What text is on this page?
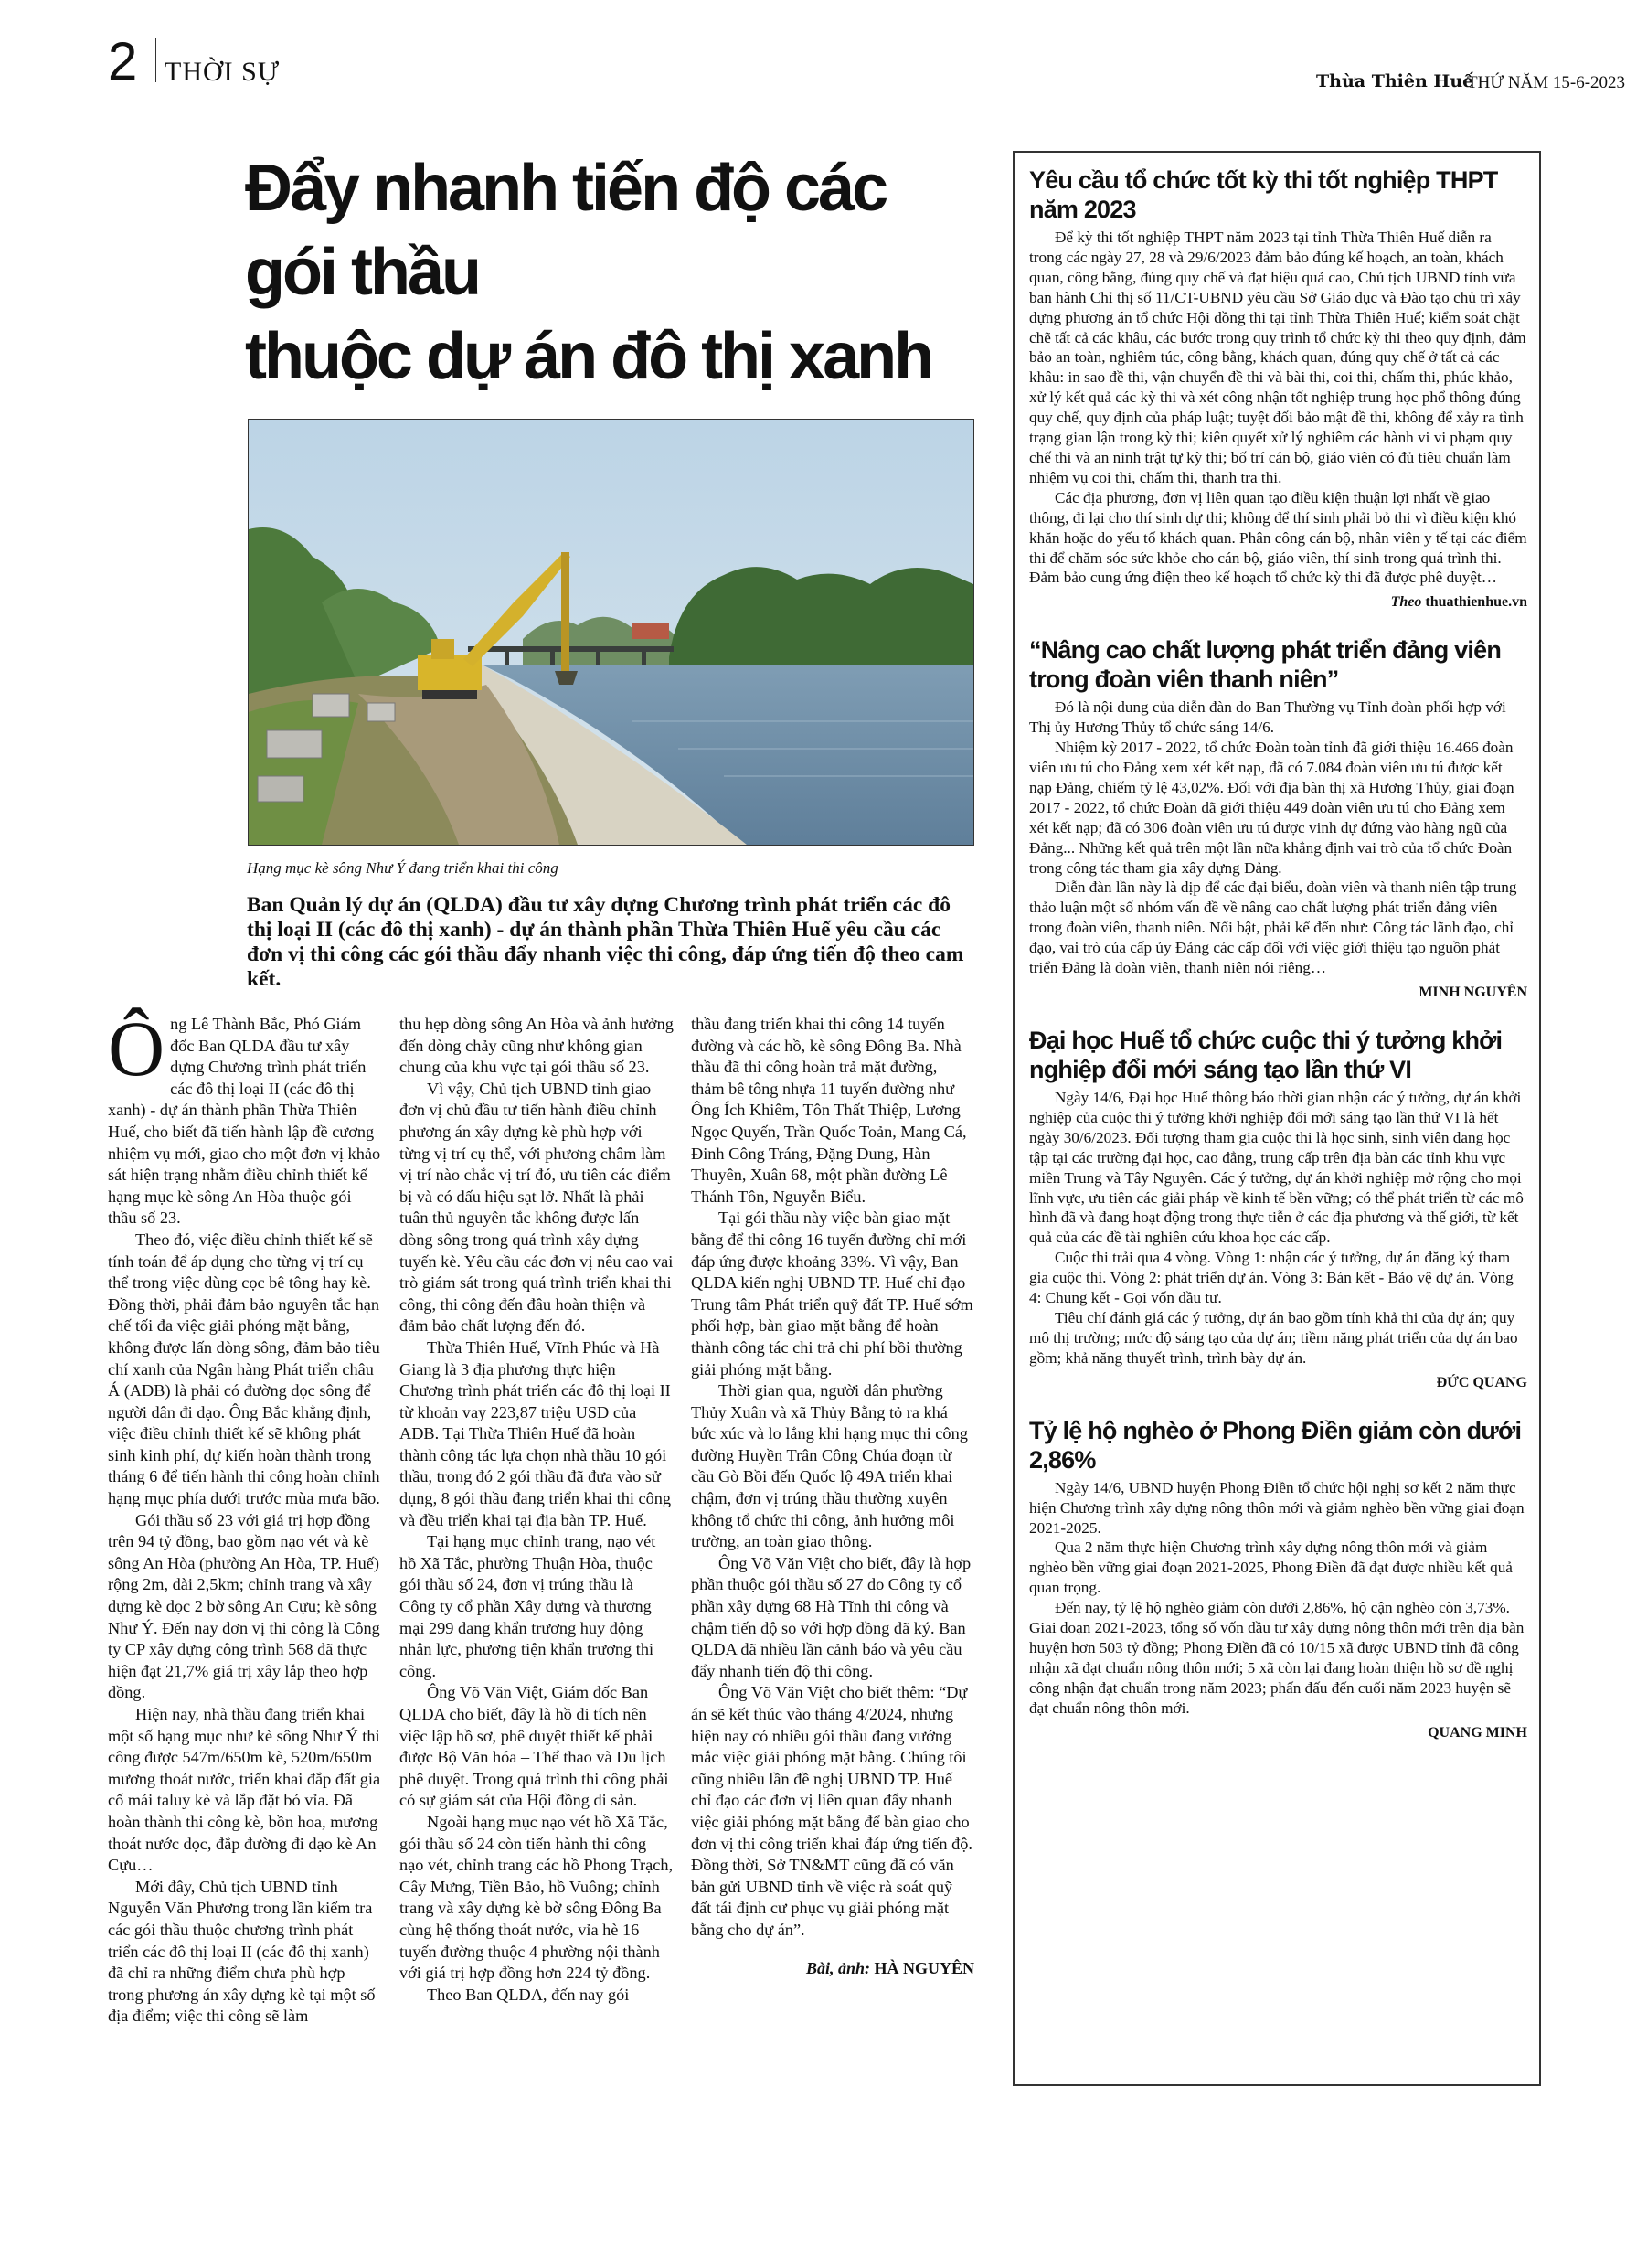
2 THỜI SỰ	Thừa Thiên Huế
THỨ NĂM 15-6-2023
Đẩy nhanh tiến độ các gói thầu
thuộc dự án đô thị xanh
Hạng mục kè sông Như Ý đang triển khai thi công
Ban Quản lý dự án (QLDA) đầu tư xây dựng Chương trình phát triển các đô thị loại II (các đô thị xanh) - dự án thành phần Thừa Thiên Huế yêu cầu các đơn vị thi công các gói thầu đẩy nhanh việc thi công, đáp ứng tiến độ theo cam kết.

Ông Lê Thành Bắc, Phó Giám đốc Ban QLDA đầu tư xây dựng Chương trình phát triển các đô thị loại II (các đô thị xanh) - dự án thành phần Thừa Thiên Huế, cho biết đã tiến hành lập đề cương nhiệm vụ mới, giao cho một đơn vị khảo sát hiện trạng nhằm điều chỉnh thiết kế hạng mục kè sông An Hòa thuộc gói thầu số 23.

Theo đó, việc điều chỉnh thiết kế sẽ tính toán để áp dụng cho từng vị trí cụ thể trong việc dùng cọc bê tông hay kè. Đồng thời, phải đảm bảo nguyên tắc hạn chế tối đa việc giải phóng mặt bằng, không được lấn dòng sông, đảm bảo tiêu chí xanh của Ngân hàng Phát triển châu Á (ADB) là phải có đường dọc sông để người dân đi dạo. Ông Bắc khẳng định, việc điều chỉnh thiết kế sẽ không phát sinh kinh phí, dự kiến hoàn thành trong tháng 6 để tiến hành thi công hoàn chỉnh hạng mục phía dưới trước mùa mưa bão.

Gói thầu số 23 với giá trị hợp đồng trên 94 tỷ đồng, bao gồm nạo vét và kè sông An Hòa (phường An Hòa, TP. Huế) rộng 2m, dài 2,5km; chỉnh trang và xây dựng kè dọc 2 bờ sông An Cựu; kè sông Như Ý. Đến nay đơn vị thi công là Công ty CP xây dựng công trình 568 đã thực hiện đạt 21,7% giá trị xây lắp theo hợp đồng.

Hiện nay, nhà thầu đang triển khai một số hạng mục như kè sông Như Ý thi công được 547m/650m kè, 520m/650m mương thoát nước, triển khai đắp đất gia cố mái taluy kè và lắp đặt bó vỉa. Đã hoàn thành thi công kè, bồn hoa, mương thoát nước dọc, đắp đường đi dạo kè An Cựu…

Mới đây, Chủ tịch UBND tỉnh Nguyễn Văn Phương trong lần kiểm tra các gói thầu thuộc chương trình phát triển các đô thị loại II (các đô thị xanh) đã chỉ ra những điểm chưa phù hợp trong phương án xây dựng kè tại một số địa điểm; việc thi công sẽ làm

thu hẹp dòng sông An Hòa và ảnh hưởng đến dòng chảy cũng như không gian chung của khu vực tại gói thầu số 23.

Vì vậy, Chủ tịch UBND tỉnh giao đơn vị chủ đầu tư tiến hành điều chỉnh phương án xây dựng kè phù hợp với từng vị trí cụ thể, với phương châm làm vị trí nào chắc vị trí đó, ưu tiên các điểm bị và có dấu hiệu sạt lở. Nhất là phải tuân thủ nguyên tắc không được lấn dòng sông trong quá trình xây dựng tuyến kè. Yêu cầu các đơn vị nêu cao vai trò giám sát trong quá trình triển khai thi công, thi công đến đâu hoàn thiện và đảm bảo chất lượng đến đó.

Thừa Thiên Huế, Vĩnh Phúc và Hà Giang là 3 địa phương thực hiện Chương trình phát triển các đô thị loại II từ khoản vay 223,87 triệu USD của ADB. Tại Thừa Thiên Huế đã hoàn thành công tác lựa chọn nhà thầu 10 gói thầu, trong đó 2 gói thầu đã đưa vào sử dụng, 8 gói thầu đang triển khai thi công và đều triển khai tại địa bàn TP. Huế.

Tại hạng mục chỉnh trang, nạo vét hồ Xã Tắc, phường Thuận Hòa, thuộc gói thầu số 24, đơn vị trúng thầu là Công ty cổ phần Xây dựng và thương mại 299 đang khẩn trương huy động nhân lực, phương tiện khẩn trương thi công.

Ông Võ Văn Việt, Giám đốc Ban QLDA cho biết, đây là hồ di tích nên việc lập hồ sơ, phê duyệt thiết kế phải được Bộ Văn hóa – Thể thao và Du lịch phê duyệt. Trong quá trình thi công phải có sự giám sát của Hội đồng di sản.

Ngoài hạng mục nạo vét hồ Xã Tắc, gói thầu số 24 còn tiến hành thi công nạo vét, chỉnh trang các hồ Phong Trạch, Cây Mưng, Tiền Bảo, hồ Vuông; chỉnh trang và xây dựng kè bờ sông Đông Ba cùng hệ thống thoát nước, vỉa hè 16 tuyến đường thuộc 4 phường nội thành với giá trị hợp đồng hơn 224 tỷ đồng.

Theo Ban QLDA, đến nay gói

thầu đang triển khai thi công 14 tuyến đường và các hồ, kè sông Đông Ba. Nhà thầu đã thi công hoàn trả mặt đường, thảm bê tông nhựa 11 tuyến đường như Ông Ích Khiêm, Tôn Thất Thiệp, Lương Ngọc Quyến, Trần Quốc Toản, Mang Cá, Đinh Công Tráng, Đặng Dung, Hàn Thuyên, Xuân 68, một phần đường Lê Thánh Tôn, Nguyễn Biểu.

Tại gói thầu này việc bàn giao mặt bằng để thi công 16 tuyến đường chỉ mới đáp ứng được khoảng 33%. Vì vậy, Ban QLDA kiến nghị UBND TP. Huế chỉ đạo Trung tâm Phát triển quỹ đất TP. Huế sớm phối hợp, bàn giao mặt bằng để hoàn thành công tác chi trả chi phí bồi thường giải phóng mặt bằng.

Thời gian qua, người dân phường Thủy Xuân và xã Thủy Bằng tỏ ra khá bức xúc và lo lắng khi hạng mục thi công đường Huyền Trân Công Chúa đoạn từ cầu Gò Bồi đến Quốc lộ 49A triển khai chậm, đơn vị trúng thầu thường xuyên không tổ chức thi công, ảnh hưởng môi trường, an toàn giao thông.

Ông Võ Văn Việt cho biết, đây là hợp phần thuộc gói thầu số 27 do Công ty cổ phần xây dựng 68 Hà Tĩnh thi công và chậm tiến độ so với hợp đồng đã ký. Ban QLDA đã nhiều lần cảnh báo và yêu cầu đẩy nhanh tiến độ thi công.

Ông Võ Văn Việt cho biết thêm: “Dự án sẽ kết thúc vào tháng 4/2024, nhưng hiện nay có nhiều gói thầu đang vướng mắc việc giải phóng mặt bằng. Chúng tôi cũng nhiều lần đề nghị UBND TP. Huế chỉ đạo các đơn vị liên quan đẩy nhanh việc giải phóng mặt bằng để bàn giao cho đơn vị thi công triển khai đáp ứng tiến độ. Đồng thời, Sở TN&MT cũng đã có văn bản gửi UBND tỉnh về việc rà soát quỹ đất tái định cư phục vụ giải phóng mặt bằng cho dự án”.

Bài, ảnh: HÀ NGUYÊN
Yêu cầu tổ chức tốt kỳ thi tốt nghiệp THPT năm 2023

Để kỳ thi tốt nghiệp THPT năm 2023 tại tỉnh Thừa Thiên Huế diễn ra trong các ngày 27, 28 và 29/6/2023 đảm bảo đúng kế hoạch, an toàn, khách quan, công bằng, đúng quy chế và đạt hiệu quả cao, Chủ tịch UBND tỉnh vừa ban hành Chỉ thị số 11/CT-UBND yêu cầu Sở Giáo dục và Đào tạo chủ trì xây dựng phương án tổ chức Hội đồng thi tại tỉnh Thừa Thiên Huế; kiểm soát chặt chẽ tất cả các khâu, các bước trong quy trình tổ chức kỳ thi theo quy định, đảm bảo an toàn, nghiêm túc, công bằng, khách quan, đúng quy chế ở tất cả các khâu: in sao đề thi, vận chuyển đề thi và bài thi, coi thi, chấm thi, phúc khảo, xử lý kết quả các kỳ thi và xét công nhận tốt nghiệp trung học phổ thông đúng quy chế, quy định của pháp luật; tuyệt đối bảo mật đề thi, không để xảy ra tình trạng gian lận trong kỳ thi; kiên quyết xử lý nghiêm các hành vi vi phạm quy chế thi và an ninh trật tự kỳ thi; bố trí cán bộ, giáo viên có đủ tiêu chuẩn làm nhiệm vụ coi thi, chấm thi, thanh tra thi.

Các địa phương, đơn vị liên quan tạo điều kiện thuận lợi nhất về giao thông, đi lại cho thí sinh dự thi; không để thí sinh phải bỏ thi vì điều kiện khó khăn hoặc do yếu tố khách quan. Phân công cán bộ, nhân viên y tế tại các điểm thi để chăm sóc sức khỏe cho cán bộ, giáo viên, thí sinh trong quá trình thi. Đảm bảo cung ứng điện theo kế hoạch tổ chức kỳ thi đã được phê duyệt…

Theo thuathienhue.vn
“Nâng cao chất lượng phát triển đảng viên trong đoàn viên thanh niên”

Đó là nội dung của diễn đàn do Ban Thường vụ Tỉnh đoàn phối hợp với Thị ủy Hương Thủy tổ chức sáng 14/6.

Nhiệm kỳ 2017 - 2022, tổ chức Đoàn toàn tỉnh đã giới thiệu 16.466 đoàn viên ưu tú cho Đảng xem xét kết nạp, đã có 7.084 đoàn viên ưu tú được kết nạp Đảng, chiếm tỷ lệ 43,02%. Đối với địa bàn thị xã Hương Thủy, giai đoạn 2017 - 2022, tổ chức Đoàn đã giới thiệu 449 đoàn viên ưu tú cho Đảng xem xét kết nạp; đã có 306 đoàn viên ưu tú được vinh dự đứng vào hàng ngũ của Đảng... Những kết quả trên một lần nữa khẳng định vai trò của tổ chức Đoàn trong công tác tham gia xây dựng Đảng.

Diễn đàn lần này là dịp để các đại biểu, đoàn viên và thanh niên tập trung thảo luận một số nhóm vấn đề về nâng cao chất lượng phát triển đảng viên trong đoàn viên, thanh niên. Nổi bật, phải kể đến như: Công tác lãnh đạo, chỉ đạo, vai trò của cấp ủy Đảng các cấp đối với việc giới thiệu tạo nguồn phát triển Đảng là đoàn viên, thanh niên nói riêng…

MINH NGUYÊN
Đại học Huế tổ chức cuộc thi ý tưởng khởi nghiệp đổi mới sáng tạo lần thứ VI

Ngày 14/6, Đại học Huế thông báo thời gian nhận các ý tưởng, dự án khởi nghiệp của cuộc thi ý tưởng khởi nghiệp đổi mới sáng tạo lần thứ VI là hết ngày 30/6/2023. Đối tượng tham gia cuộc thi là học sinh, sinh viên đang học tập tại các trường đại học, cao đẳng, trung cấp trên địa bàn các tỉnh khu vực miền Trung và Tây Nguyên. Các ý tưởng, dự án khởi nghiệp mở rộng cho mọi lĩnh vực, ưu tiên các giải pháp về kinh tế bền vững; có thể phát triển từ các mô hình đã và đang hoạt động trong thực tiễn ở các địa phương và thế giới, từ kết quả của các đề tài nghiên cứu khoa học các cấp.

Cuộc thi trải qua 4 vòng. Vòng 1: nhận các ý tưởng, dự án đăng ký tham gia cuộc thi. Vòng 2: phát triển dự án. Vòng 3: Bán kết - Bảo vệ dự án. Vòng 4: Chung kết - Gọi vốn đầu tư.

Tiêu chí đánh giá các ý tưởng, dự án bao gồm tính khả thi của dự án; quy mô thị trường; mức độ sáng tạo của dự án; tiềm năng phát triển của dự án bao gồm; khả năng thuyết trình, trình bày dự án.

ĐỨC QUANG
Tỷ lệ hộ nghèo ở Phong Điền giảm còn dưới 2,86%

Ngày 14/6, UBND huyện Phong Điền tổ chức hội nghị sơ kết 2 năm thực hiện Chương trình xây dựng nông thôn mới và giảm nghèo bền vững giai đoạn 2021-2025.

Qua 2 năm thực hiện Chương trình xây dựng nông thôn mới và giảm nghèo bền vững giai đoạn 2021-2025, Phong Điền đã đạt được nhiều kết quả quan trọng.

Đến nay, tỷ lệ hộ nghèo giảm còn dưới 2,86%, hộ cận nghèo còn 3,73%. Giai đoạn 2021-2023, tổng số vốn đầu tư xây dựng nông thôn mới trên địa bàn huyện hơn 503 tỷ đồng; Phong Điền đã có 10/15 xã được UBND tỉnh đã công nhận xã đạt chuẩn nông thôn mới; 5 xã còn lại đang hoàn thiện hồ sơ đề nghị công nhận đạt chuẩn trong năm 2023; phấn đấu đến cuối năm 2023 huyện sẽ đạt chuẩn nông thôn mới.

QUANG MINH
